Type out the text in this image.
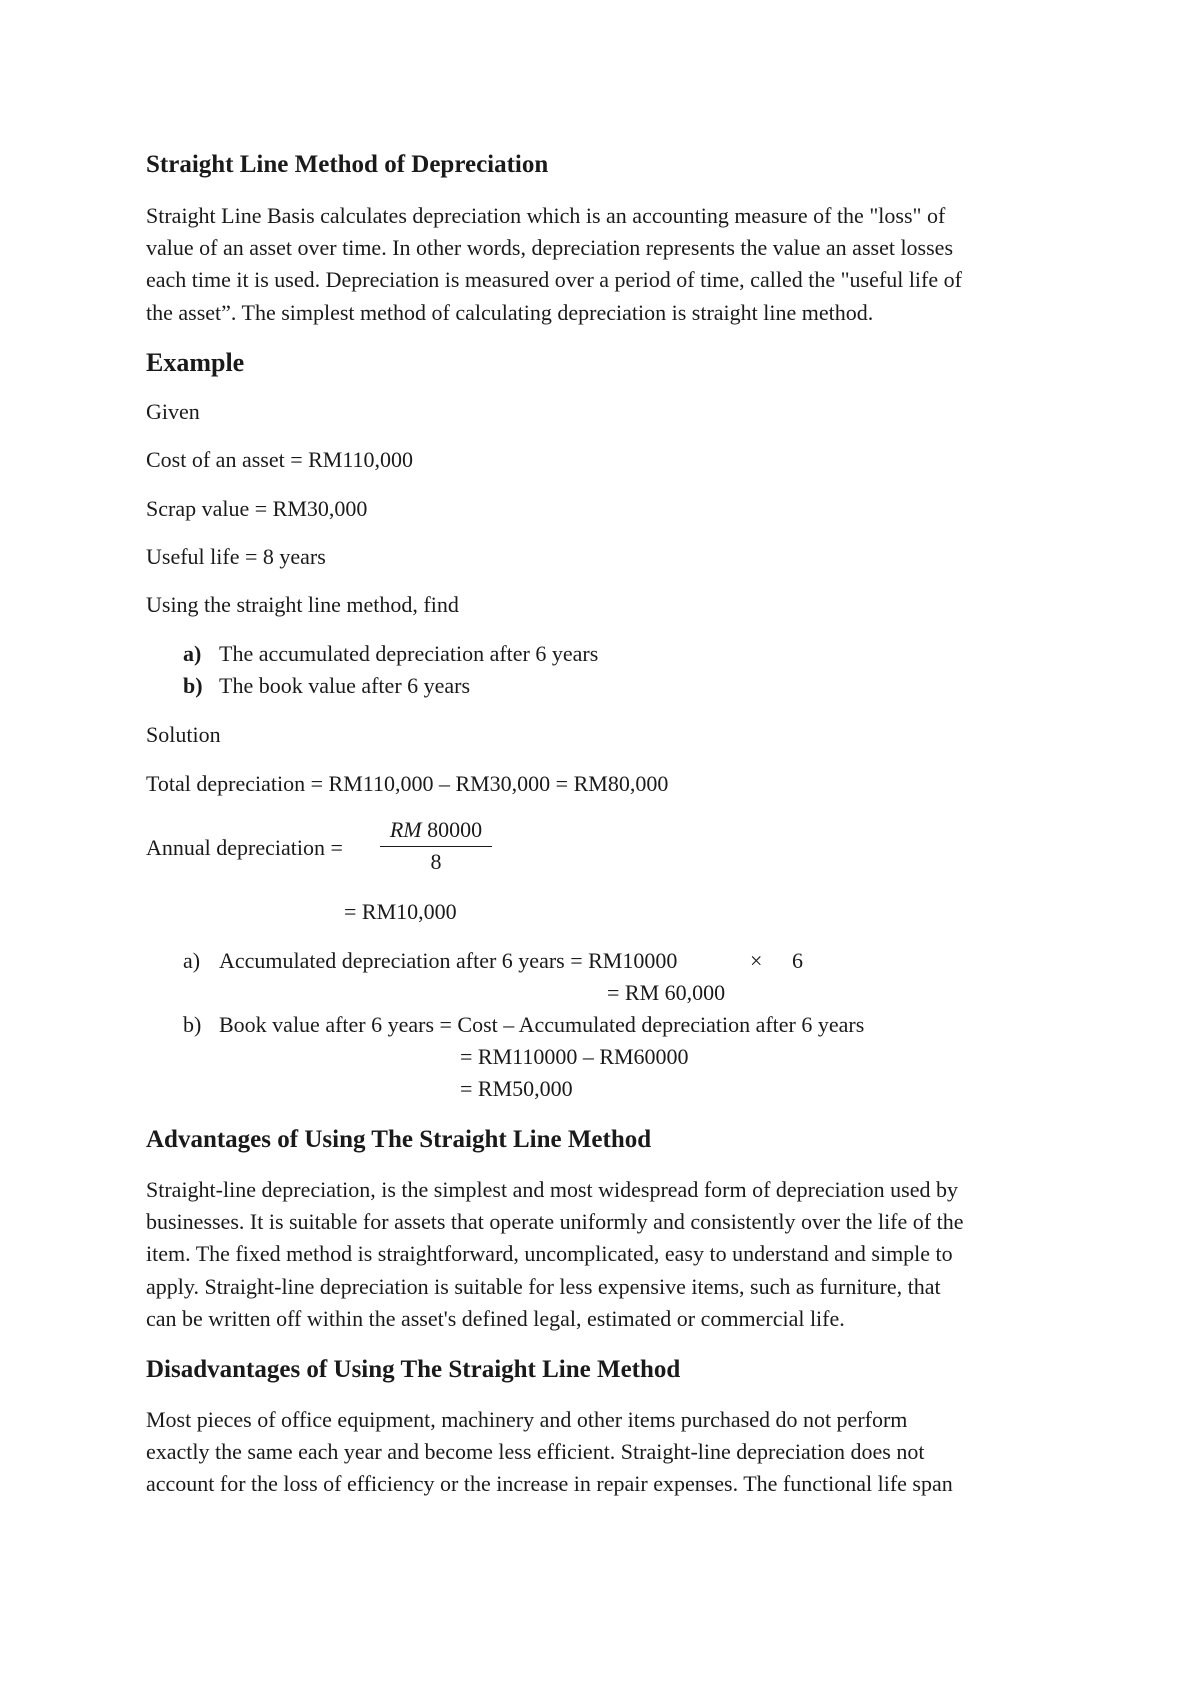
Straight Line Method of Depreciation
Straight Line Basis calculates depreciation which is an accounting measure of the "loss" of
value of an asset over time. In other words, depreciation represents the value an asset losses
each time it is used. Depreciation is measured over a period of time, called the "useful life of
the asset”. The simplest method of calculating depreciation is straight line method.
Example
Given
Cost of an asset = RM110,000
Scrap value = RM30,000
Useful life = 8 years
Using the straight line method, find
a) The accumulated depreciation after 6 years
b) The book value after 6 years
Solution
Total depreciation = RM110,000 – RM30,000 = RM80,000
Annual depreciation = $\frac{RM 80000}{8}$
= RM10,000
a) Accumulated depreciation after 6 years = RM10000	× 6
= RM 60,000
b) Book value after 6 years = Cost – Accumulated depreciation after 6 years
= RM110000 – RM60000
= RM50,000
Advantages of Using The Straight Line Method
Straight-line depreciation, is the simplest and most widespread form of depreciation used by
businesses. It is suitable for assets that operate uniformly and consistently over the life of the
item. The fixed method is straightforward, uncomplicated, easy to understand and simple to
apply. Straight-line depreciation is suitable for less expensive items, such as furniture, that
can be written off within the asset's defined legal, estimated or commercial life.
Disadvantages of Using The Straight Line Method
Most pieces of office equipment, machinery and other items purchased do not perform
exactly the same each year and become less efficient. Straight-line depreciation does not
account for the loss of efficiency or the increase in repair expenses. The functional life span
